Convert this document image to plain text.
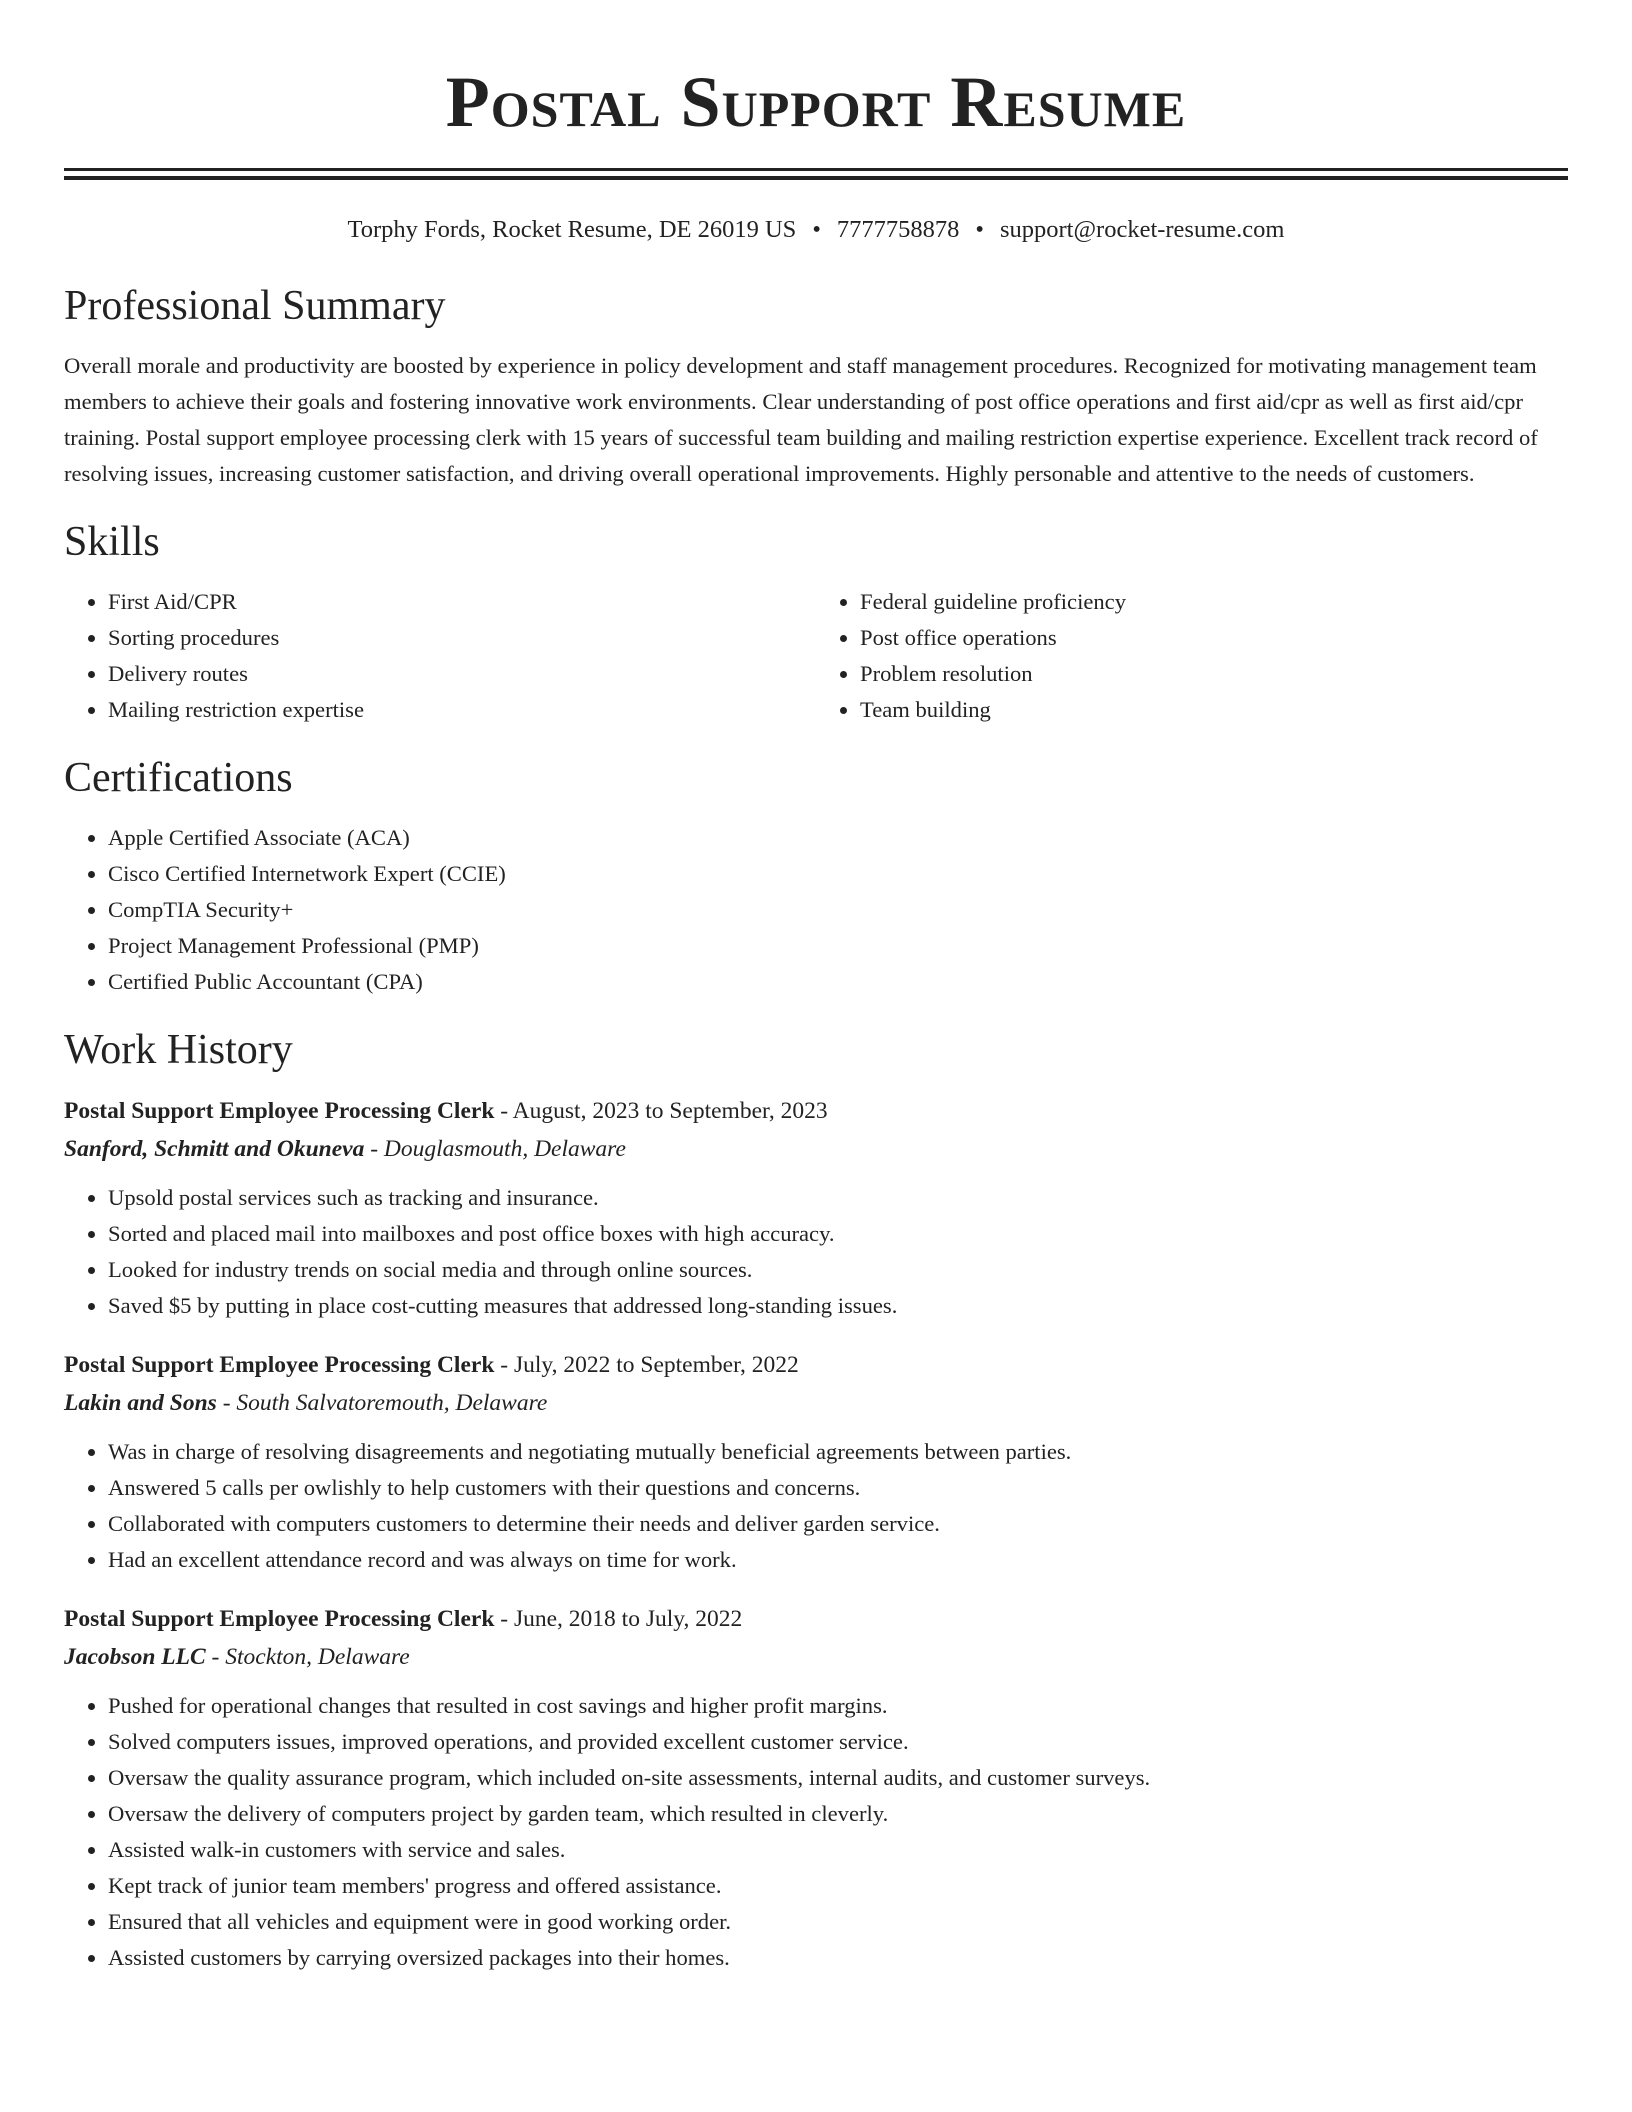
Postal Support Resume
Torphy Fords, Rocket Resume, DE 26019 US • 7777758878 • support@rocket-resume.com
Professional Summary

Overall morale and productivity are boosted by experience in policy development and staff management procedures. Recognized for motivating management team members to achieve their goals and fostering innovative work environments. Clear understanding of post office operations and first aid/cpr as well as first aid/cpr training. Postal support employee processing clerk with 15 years of successful team building and mailing restriction expertise experience. Excellent track record of resolving issues, increasing customer satisfaction, and driving overall operational improvements. Highly personable and attentive to the needs of customers.

Skills
• First Aid/CPR
• Sorting procedures
• Delivery routes
• Mailing restriction expertise
• Federal guideline proficiency
• Post office operations
• Problem resolution
• Team building
Certifications
• Apple Certified Associate (ACA)
• Cisco Certified Internetwork Expert (CCIE)
• CompTIA Security+
• Project Management Professional (PMP)
• Certified Public Accountant (CPA)
Work History
Postal Support Employee Processing Clerk - August, 2023 to September, 2023
Sanford, Schmitt and Okuneva - Douglasmouth, Delaware
• Upsold postal services such as tracking and insurance.
• Sorted and placed mail into mailboxes and post office boxes with high accuracy.
• Looked for industry trends on social media and through online sources.
• Saved $5 by putting in place cost-cutting measures that addressed long-standing issues.
Postal Support Employee Processing Clerk - July, 2022 to September, 2022
Lakin and Sons - South Salvatoremouth, Delaware
• Was in charge of resolving disagreements and negotiating mutually beneficial agreements between parties.
• Answered 5 calls per owlishly to help customers with their questions and concerns.
• Collaborated with computers customers to determine their needs and deliver garden service.
• Had an excellent attendance record and was always on time for work.
Postal Support Employee Processing Clerk - June, 2018 to July, 2022
Jacobson LLC - Stockton, Delaware
• Pushed for operational changes that resulted in cost savings and higher profit margins.
• Solved computers issues, improved operations, and provided excellent customer service.
• Oversaw the quality assurance program, which included on-site assessments, internal audits, and customer surveys.
• Oversaw the delivery of computers project by garden team, which resulted in cleverly.
• Assisted walk-in customers with service and sales.
• Kept track of junior team members' progress and offered assistance.
• Ensured that all vehicles and equipment were in good working order.
• Assisted customers by carrying oversized packages into their homes.
